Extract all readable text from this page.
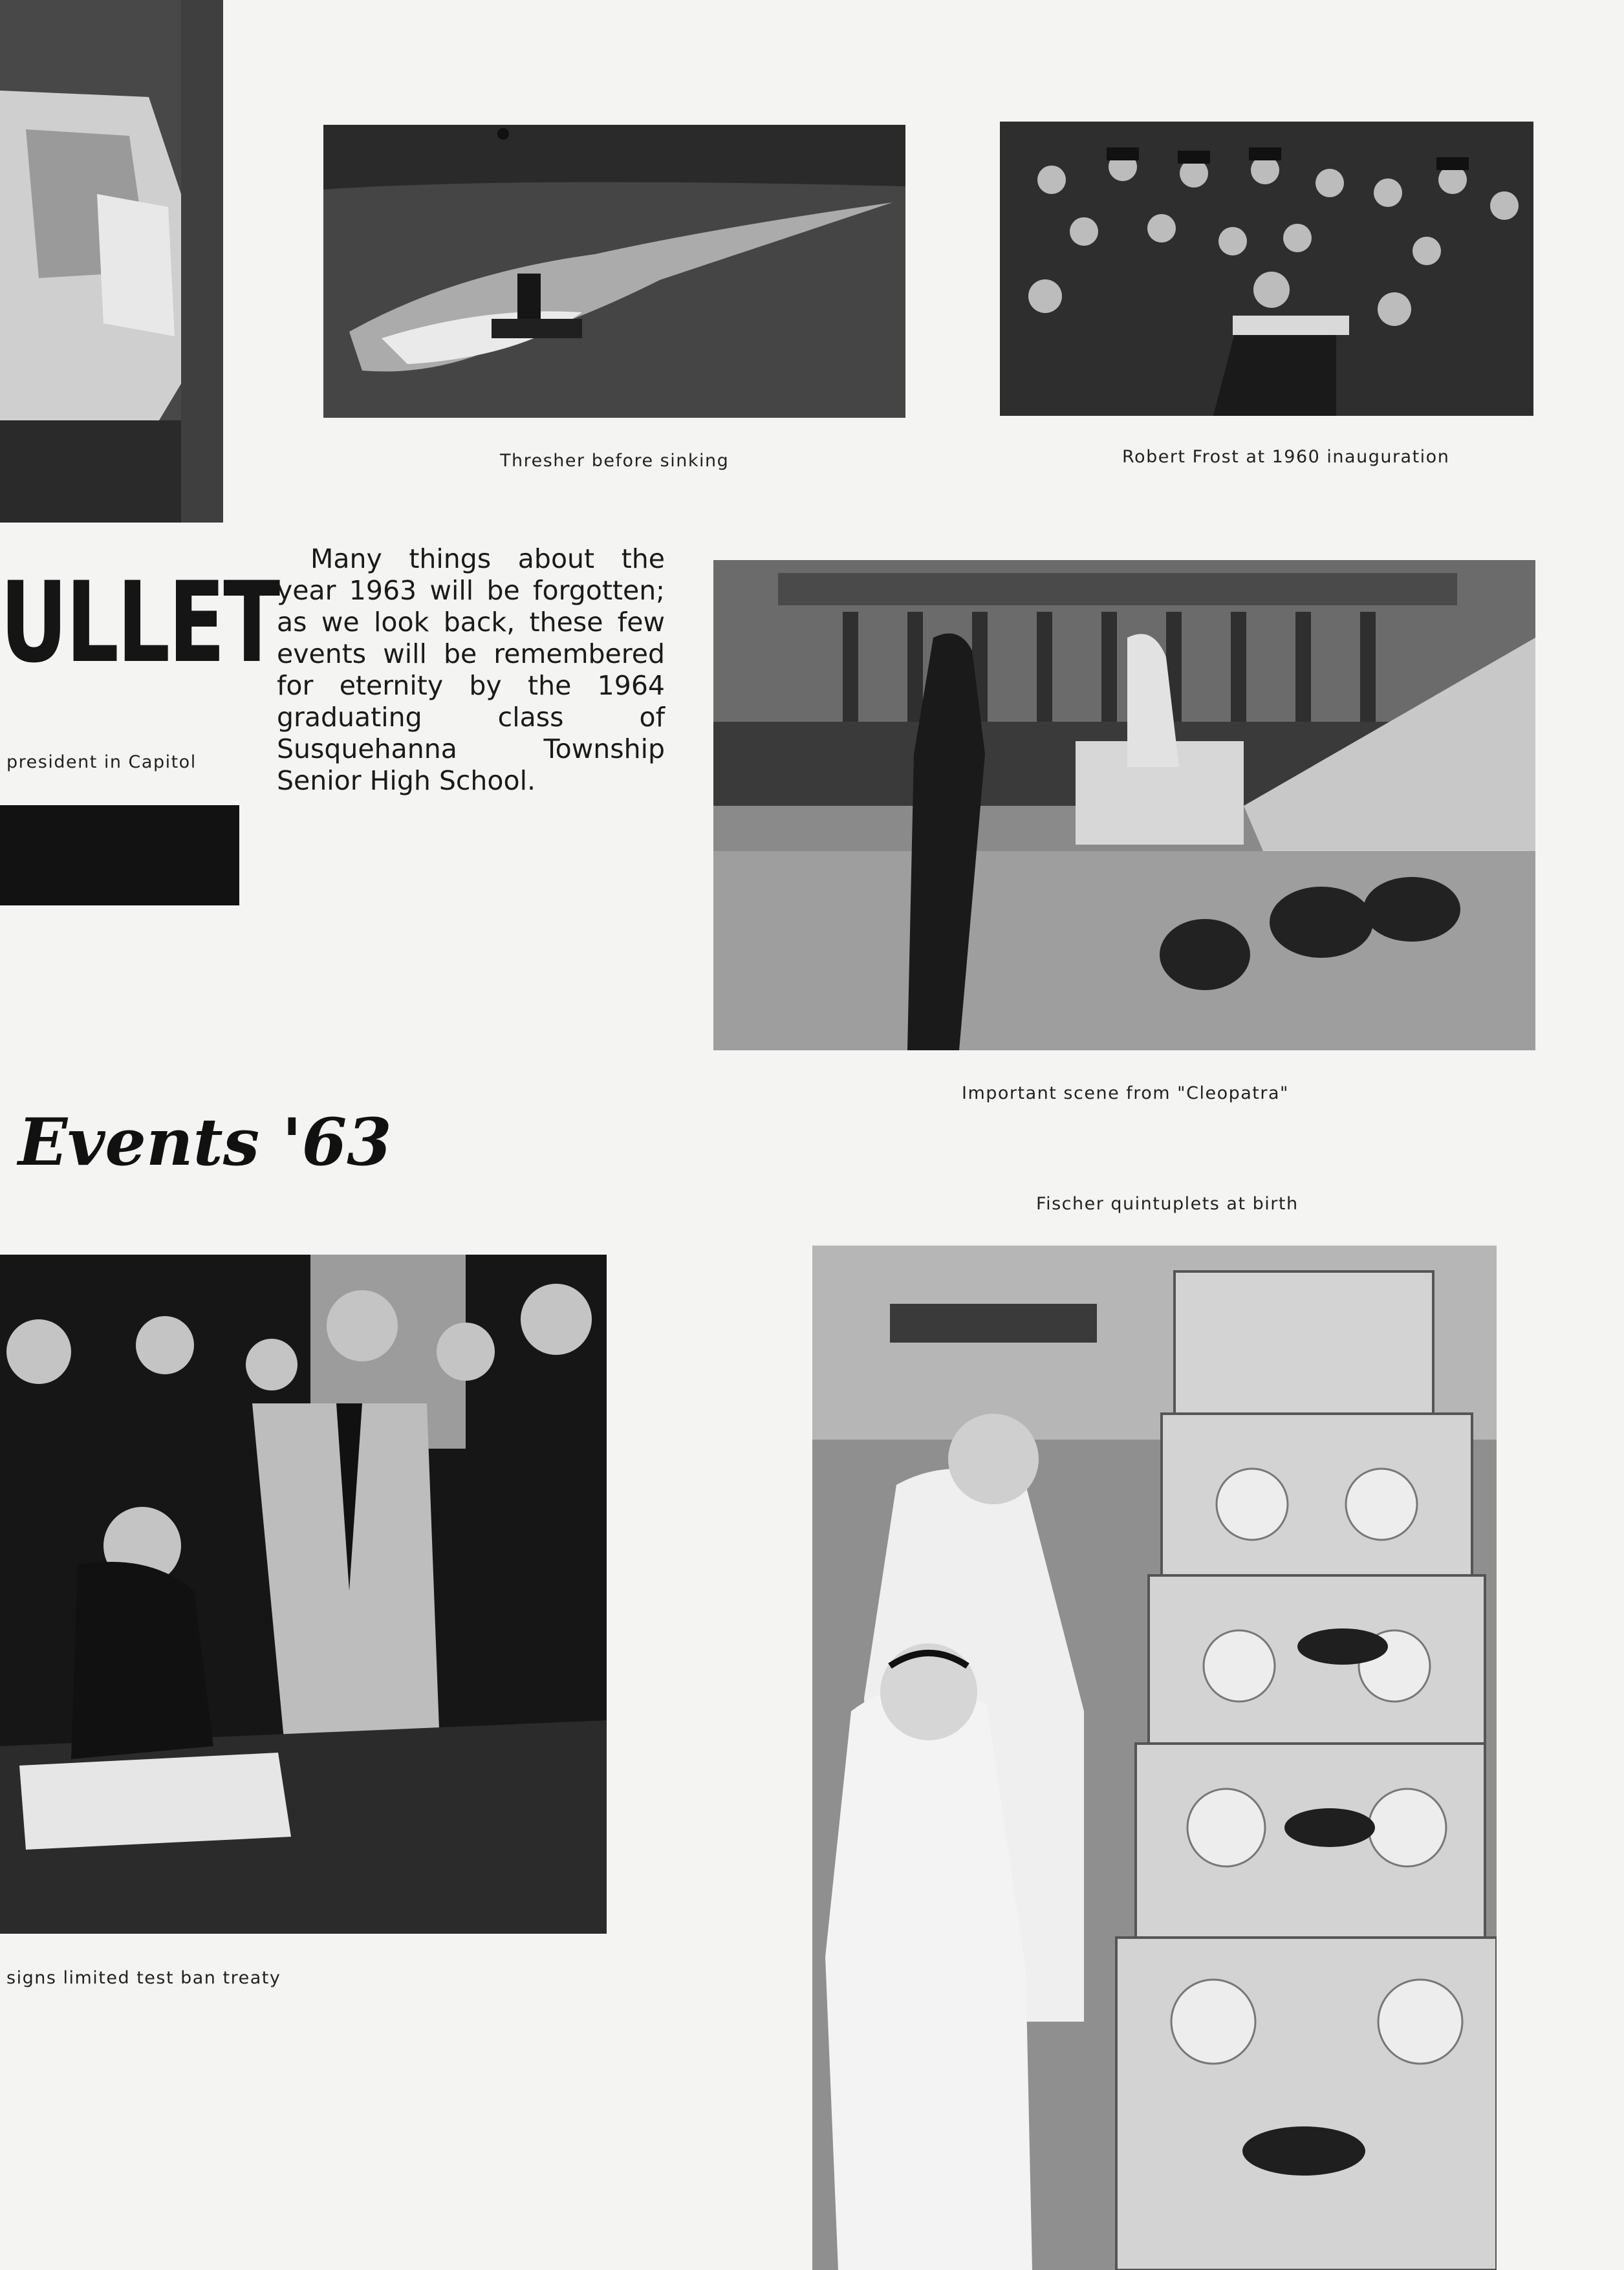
ULLET
president in Capitol
Thresher before sinking	Robert Frost at 1960 inauguration
Many things about the year 1963 will be forgotten; as we look back, these few events will be remembered for eternity by the 1964 graduating class of Susquehanna Township Senior High School.
Important scene from "Cleopatra"
Events '63
Fischer quintuplets at birth
signs limited test ban treaty
